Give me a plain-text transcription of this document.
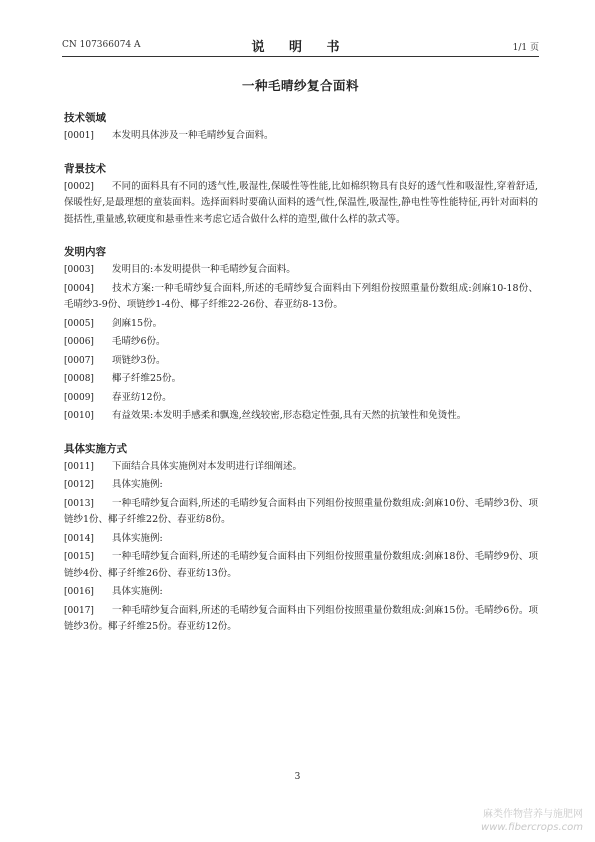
CN 107366074 A	说 明 书	1/1 页
一种毛晴纱复合面料
技术领域
[0001] 本发明具体涉及一种毛晴纱复合面料。
背景技术
[0002] 不同的面料具有不同的透气性,吸湿性,保暖性等性能,比如棉织物具有良好的透气性和吸湿性,穿着舒适,保暖性好,是最理想的童装面料。选择面料时要确认面料的透气性,保温性,吸湿性,静电性等性能特征,再针对面料的挺括性,重量感,软硬度和悬垂性来考虑它适合做什么样的造型,做什么样的款式等。
发明内容
[0003] 发明目的:本发明提供一种毛晴纱复合面料。
[0004] 技术方案:一种毛晴纱复合面料,所述的毛晴纱复合面料由下列组份按照重量份数组成:剑麻10-18份、毛晴纱3-9份、项链纱1-4份、椰子纤维22-26份、春亚纺8-13份。
[0005] 剑麻15份。
[0006] 毛晴纱6份。
[0007] 项链纱3份。
[0008] 椰子纤维25份。
[0009] 春亚纺12份。
[0010] 有益效果:本发明手感柔和飘逸,丝线较密,形态稳定性强,具有天然的抗皱性和免烫性。
具体实施方式
[0011] 下面结合具体实施例对本发明进行详细阐述。
[0012] 具体实施例:
[0013] 一种毛晴纱复合面料,所述的毛晴纱复合面料由下列组份按照重量份数组成:剑麻10份、毛晴纱3份、项链纱1份、椰子纤维22份、春亚纺8份。
[0014] 具体实施例:
[0015] 一种毛晴纱复合面料,所述的毛晴纱复合面料由下列组份按照重量份数组成:剑麻18份、毛晴纱9份、项链纱4份、椰子纤维26份、春亚纺13份。
[0016] 具体实施例:
[0017] 一种毛晴纱复合面料,所述的毛晴纱复合面料由下列组份按照重量份数组成:剑麻15份。毛晴纱6份。项链纱3份。椰子纤维25份。春亚纺12份。
3
麻类作物营养与施肥网
www.fibercrops.com
